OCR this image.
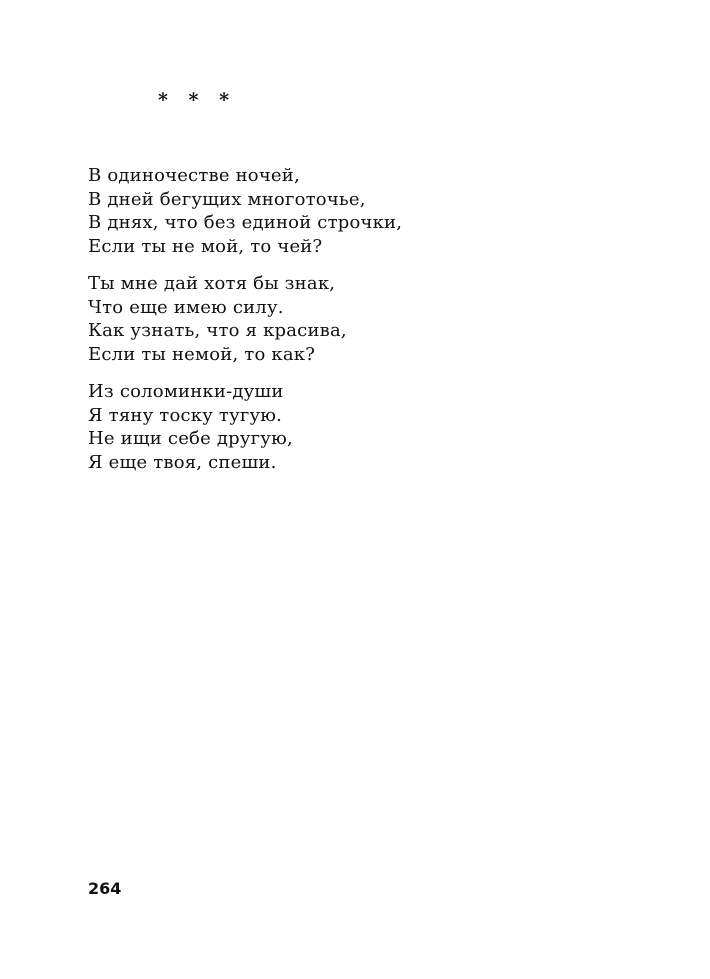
* * *
В одиночестве ночей,
В дней бегущих многоточье,
В днях, что без единой строчки,
Если ты не мой, то чей?
Ты мне дай хотя бы знак,
Что еще имею силу.
Как узнать, что я красива,
Если ты немой, то как?
Из соломинки-души
Я тяну тоску тугую.
Не ищи себе другую,
Я еще твоя, спеши.
264
